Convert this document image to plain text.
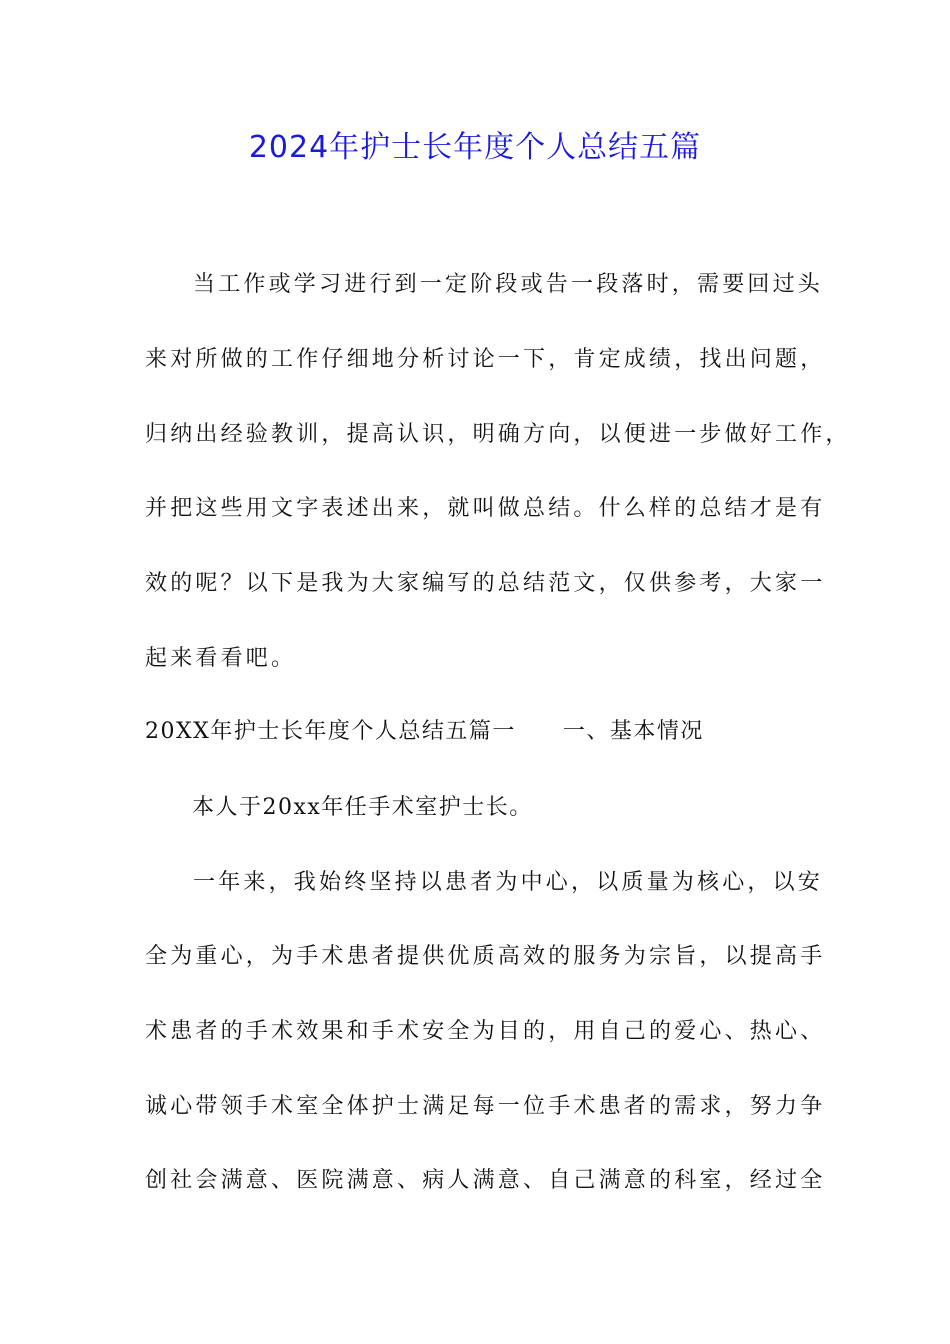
2024年护士长年度个人总结五篇
当工作或学习进行到一定阶段或告一段落时，需要回过头
来对所做的工作仔细地分析讨论一下，肯定成绩，找出问题，
归纳出经验教训，提高认识，明确方向，以便进一步做好工作，
并把这些用文字表述出来，就叫做总结。什么样的总结才是有
效的呢？以下是我为大家编写的总结范文，仅供参考，大家一
起来看看吧。
20XX年护士长年度个人总结五篇一　　一、基本情况
本人于20xx年任手术室护士长。
一年来，我始终坚持以患者为中心，以质量为核心，以安
全为重心，为手术患者提供优质高效的服务为宗旨，以提高手
术患者的手术效果和手术安全为目的，用自己的爱心、热心、
诚心带领手术室全体护士满足每一位手术患者的需求，努力争
创社会满意、医院满意、病人满意、自己满意的科室，经过全
